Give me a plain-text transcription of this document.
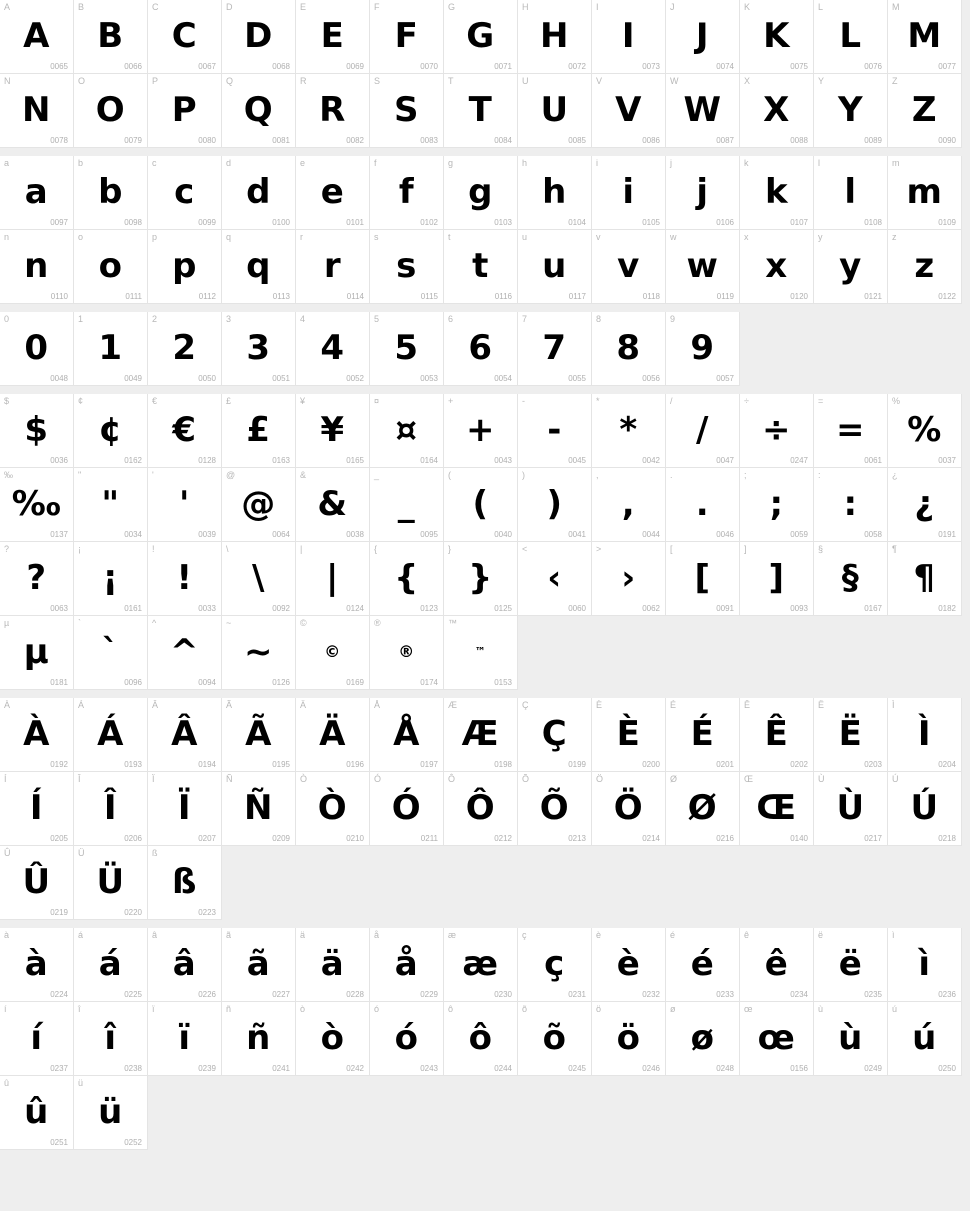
A
A
0065
B
B
0066
C
C
0067
D
D
0068
E
E
0069
F
F
0070
G
G
0071
H
H
0072
I
I
0073
J
J
0074
K
K
0075
L
L
0076
M
M
0077
N
N
0078
O
O
0079
P
P
0080
Q
Q
0081
R
R
0082
S
S
0083
T
T
0084
U
U
0085
V
V
0086
W
W
0087
X
X
0088
Y
Y
0089
Z
Z
0090
a
a
0097
b
b
0098
c
c
0099
d
d
0100
e
e
0101
f
f
0102
g
g
0103
h
h
0104
i
i
0105
j
j
0106
k
k
0107
l
l
0108
m
m
0109
n
n
0110
o
o
0111
p
p
0112
q
q
0113
r
r
0114
s
s
0115
t
t
0116
u
u
0117
v
v
0118
w
w
0119
x
x
0120
y
y
0121
z
z
0122
0
0
0048
1
1
0049
2
2
0050
3
3
0051
4
4
0052
5
5
0053
6
6
0054
7
7
0055
8
8
0056
9
9
0057
$
$
0036
¢
¢
0162
€
€
0128
£
£
0163
¥
¥
0165
¤
¤
0164
+
+
0043
-
-
0045
*
*
0042
/
/
0047
÷
÷
0247
=
=
0061
%
%
0037
‰
‰
0137
"
"
0034
'
'
0039
@
@
0064
&
&
0038
_
_
0095
(
(
0040
)
)
0041
,
,
0044
.
.
0046
;
;
0059
:
:
0058
¿
¿
0191
?
?
0063
¡
¡
0161
!
!
0033
\
\
0092
|
|
0124
{
{
0123
}
}
0125
<
‹
0060
>
›
0062
[
[
0091
]
]
0093
§
§
0167
¶
¶
0182
µ
µ
0181
`
`
0096
^
^
0094
~
~
0126
©
©
0169
®
®
0174
™
™
0153
À
À
0192
Á
Á
0193
Â
Â
0194
Ã
Ã
0195
Ä
Ä
0196
Å
Å
0197
Æ
Æ
0198
Ç
Ç
0199
È
È
0200
É
É
0201
Ê
Ê
0202
Ë
Ë
0203
Ì
Ì
0204
Í
Í
0205
Î
Î
0206
Ï
Ï
0207
Ñ
Ñ
0209
Ò
Ò
0210
Ó
Ó
0211
Ô
Ô
0212
Õ
Õ
0213
Ö
Ö
0214
Ø
Ø
0216
Œ
Œ
0140
Ù
Ù
0217
Ú
Ú
0218
Û
Û
0219
Ü
Ü
0220
ß
ß
0223
à
à
0224
á
á
0225
â
â
0226
ã
ã
0227
ä
ä
0228
å
å
0229
æ
æ
0230
ç
ç
0231
è
è
0232
é
é
0233
ê
ê
0234
ë
ë
0235
ì
ì
0236
í
í
0237
î
î
0238
ï
ï
0239
ñ
ñ
0241
ò
ò
0242
ó
ó
0243
ô
ô
0244
õ
õ
0245
ö
ö
0246
ø
ø
0248
œ
œ
0156
ù
ù
0249
ú
ú
0250
û
û
0251
ü
ü
0252
